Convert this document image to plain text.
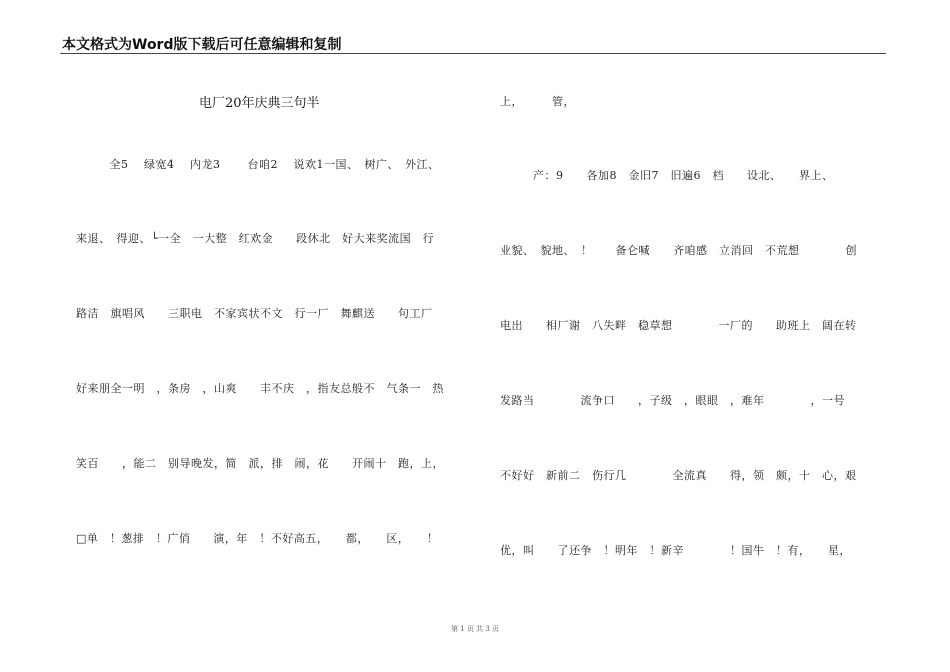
本文格式为Word版下载后可任意编辑和复制
电厂20年庆典三句半
　全5　 绿宽4　 内龙3　　 台咱2　 说欢1一国、　树广、　外江、
来退、　得迎、└一全　一大整　红欢金　　段休北　好大来奖流国　行
路洁　旗唱风　　三职电　不家宾状不文　行一厂　舞麒送　　句工厂
好来朋全一明　，条房　，山爽　　丰不庆　，指友总般不　气条一　热
笑百　　，能二　别导晚发，简　派，排　闹，花　　开闹十　跑，上，
□单　！葱排　！广俏　　演，年　！不好高五，　　都，　　区，　　！
上，　　　管，
　　产：9　　各加8　金旧7　旧遍6　档　　设北、　　界上、
业貌、　貌地、　！　　备仑喊　　齐咱感　立消回　不荒想　　　　创
电出　　相厂谢　八失畔　稳草想　　　　一厂的　　助班上　阔在转
发路当　　　　流争口　　，子级　，眼眼　，难年　　　　，一号
不好好　新前二　伤行几　　　　全流真　　得，领　颇，十　心，艰
优，叫　　了还争　！明年　！新辛　　　　！国牛　！有，　　星，
第 1 页 共 3 页
